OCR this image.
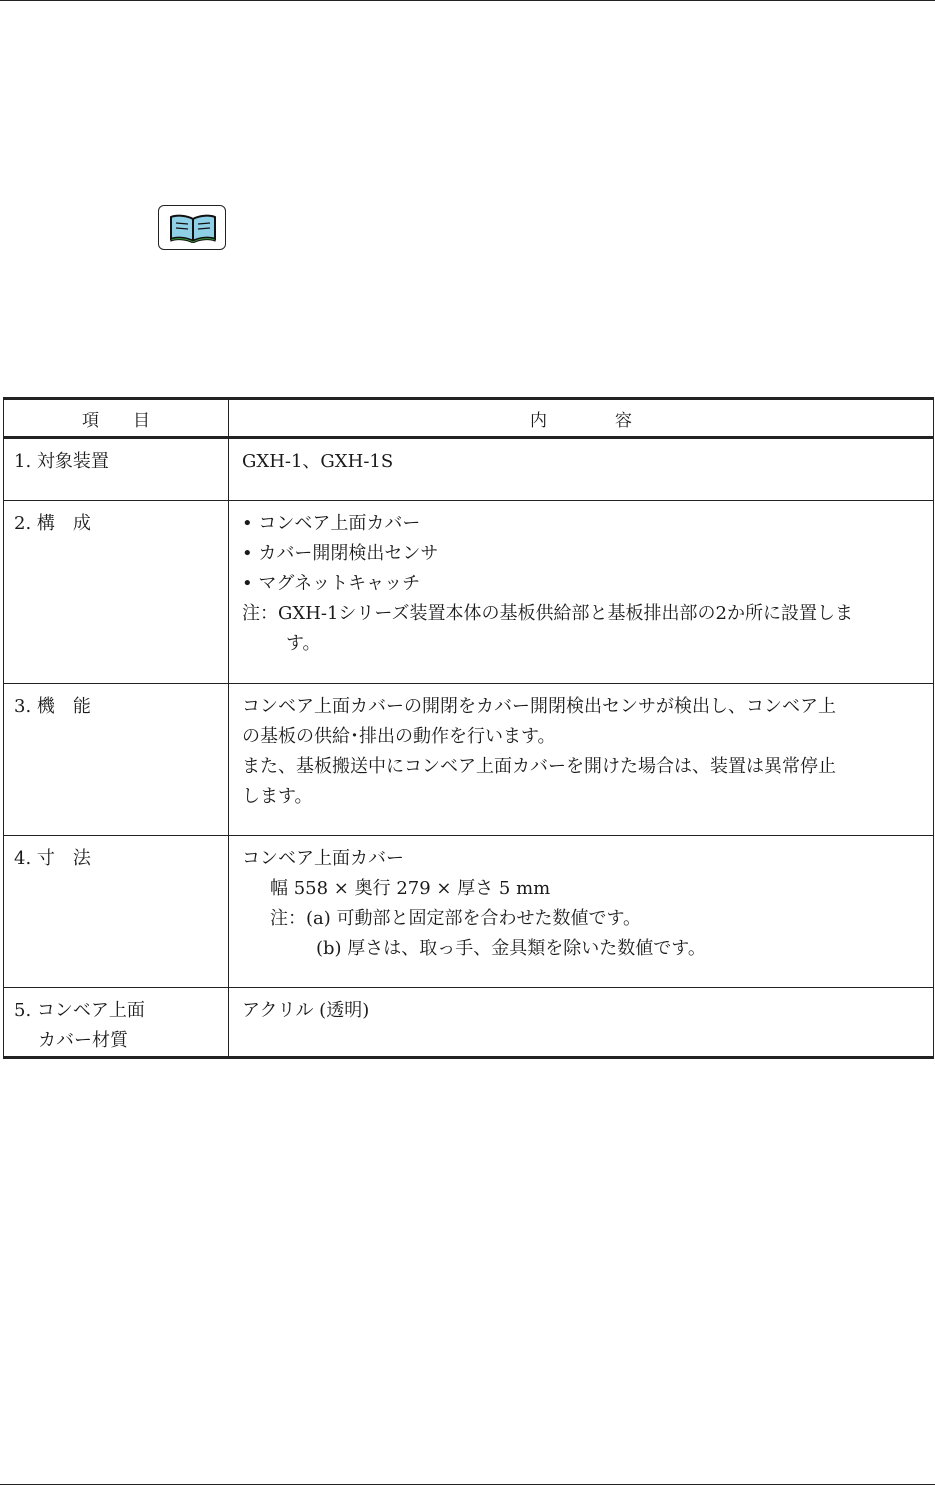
項　　目	内　　　　容
1. 対象装置	GXH-1、GXH-1S

2. 構　成	• コンベア上面カバー
• カバー開閉検出センサ
• マグネットキャッチ
注：GXH-1シリーズ装置本体の基板供給部と基板排出部の2か所に設置しま
す。

3. 機　能	コンベア上面カバーの開閉をカバー開閉検出センサが検出し、コンベア上
の基板の供給･排出の動作を行います。
また、基板搬送中にコンベア上面カバーを開けた場合は、装置は異常停止
します。

4. 寸　法	コンベア上面カバー
幅 558 × 奥行 279 × 厚さ 5 mm
注：(a) 可動部と固定部を合わせた数値です。
(b) 厚さは、取っ手、金具類を除いた数値です。

5. コンベア上面
カバー材質	アクリル (透明)
